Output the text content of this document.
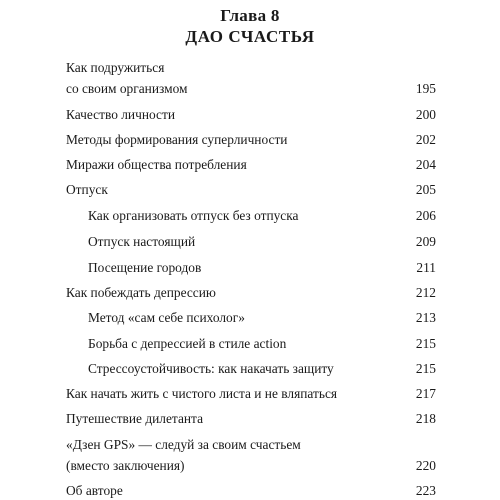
Глава 8
ДАО СЧАСТЬЯ
Как подружиться
со своим организмом	195
Качество личности	200
Методы формирования суперличности	202
Миражи общества потребления	204
Отпуск	205
Как организовать отпуск без отпуска	206
Отпуск настоящий	209
Посещение городов	211
Как побеждать депрессию	212
Метод «сам себе психолог»	213
Борьба с депрессией в стиле action	215
Стрессоустойчивость: как накачать защиту	215
Как начать жить с чистого листа и не вляпаться	217
Путешествие дилетанта	218
«Дзен GPS» — следуй за своим счастьем
(вместо заключения)	220
Об авторе	223
